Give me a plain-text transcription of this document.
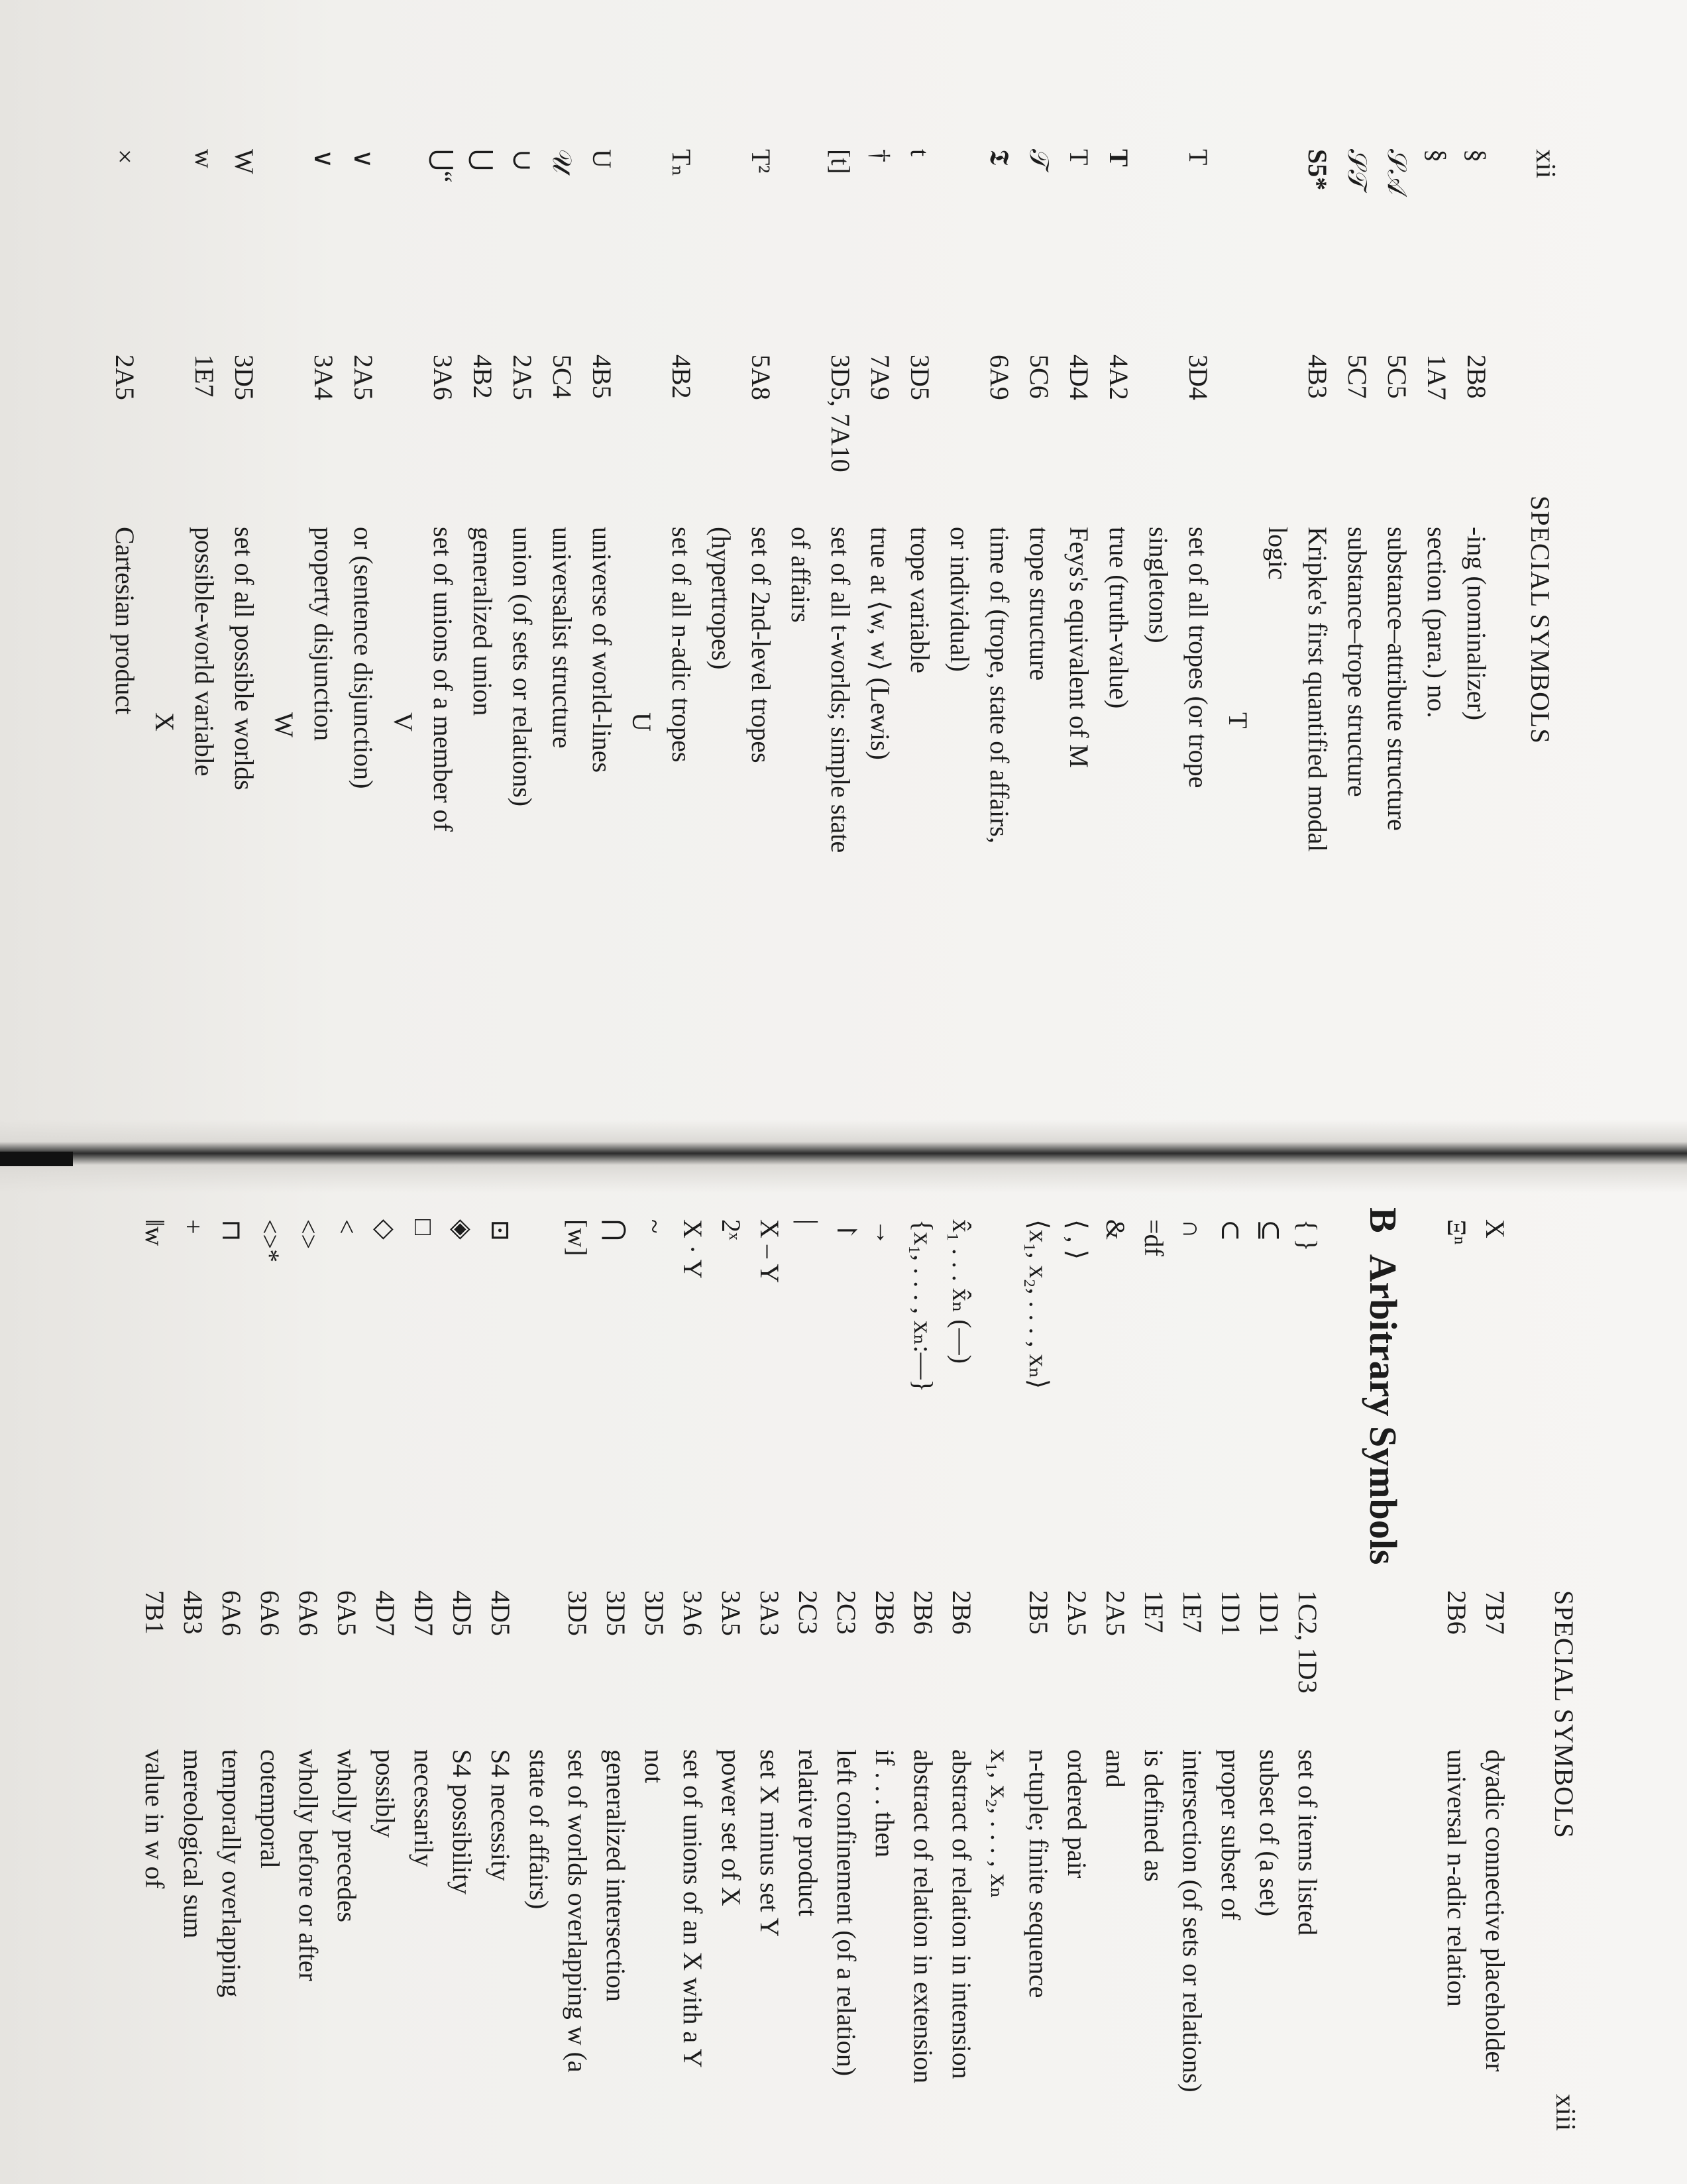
xii
SPECIAL SYMBOLS
§
2B8
-ing (nominalizer)
§
1A7
section (para.) no.
𝒮𝒜
5C5
substance–attribute structure
𝒮𝒯
5C7
substance–trope structure
S5*
4B3
Kripke's first quantified modal
logic
T
T
3D4
set of all tropes (or trope
singletons)
T
4A2
true (truth-value)
T
4D4
Feys's equivalent of M
𝒯
5C6
trope structure
𝕿
6A9
time of (trope, state of affairs,
or individual)
t
3D5
trope variable
†
7A9
true at ⟨w, w⟩ (Lewis)
[t]
3D5, 7A10
set of all t-worlds; simple state
of affairs
T²
5A8
set of 2nd-level tropes
(hypertropes)
Tₙ
4B2
set of all n-adic tropes
U
U
4B5
universe of world-lines
𝒰
5C4
universalist structure
∪
2A5
union (of sets or relations)
⋃
4B2
generalized union
⋃“
3A6
set of unions of a member of
V
∨
2A5
or (sentence disjunction)
∨
3A4
property disjunction
W
W
3D5
set of all possible worlds
w
1E7
possible-world variable
X
×
2A5
Cartesian product
SPECIAL SYMBOLS
xiii
X
7B7
dyadic connective placeholder
Ξⁿ
2B6
universal n-adic relation
BArbitrary Symbols
{ }
1C2, 1D3
set of items listed
⊆
1D1
subset of (a set)
⊂
1D1
proper subset of
∩
1E7
intersection (of sets or relations)
=df
1E7
is defined as
&
2A5
and
⟨ , ⟩
2A5
ordered pair
⟨x₁, x₂, . . . , xₙ⟩
2B5
n-tuple; finite sequence
x₁, x₂, . . . , xₙ
x̂₁ . . . x̂ₙ (—)
2B6
abstract of relation in intension
{x₁, . . . , xₙ:—}
2B6
abstract of relation in extension
→
2B6
if . . . then
↾
2C3
left confinement (of a relation)
|
2C3
relative product
X – Y
3A3
set X minus set Y
2ˣ
3A5
power set of X
X · Y
3A6
set of unions of an X with a Y
~
3D5
not
⋂
3D5
generalized intersection
[w]
3D5
set of worlds overlapping w (a
state of affairs)
⊡
4D5
S4 necessity
◈
4D5
S4 possibility
□
4D7
necessarily
◇
4D7
possibly
<
6A5
wholly precedes
<>
6A6
wholly before or after
<>*
6A6
cotemporal
⊓
6A6
temporally overlapping
+
4B3
mereological sum
‖w
7B1
value in w of
